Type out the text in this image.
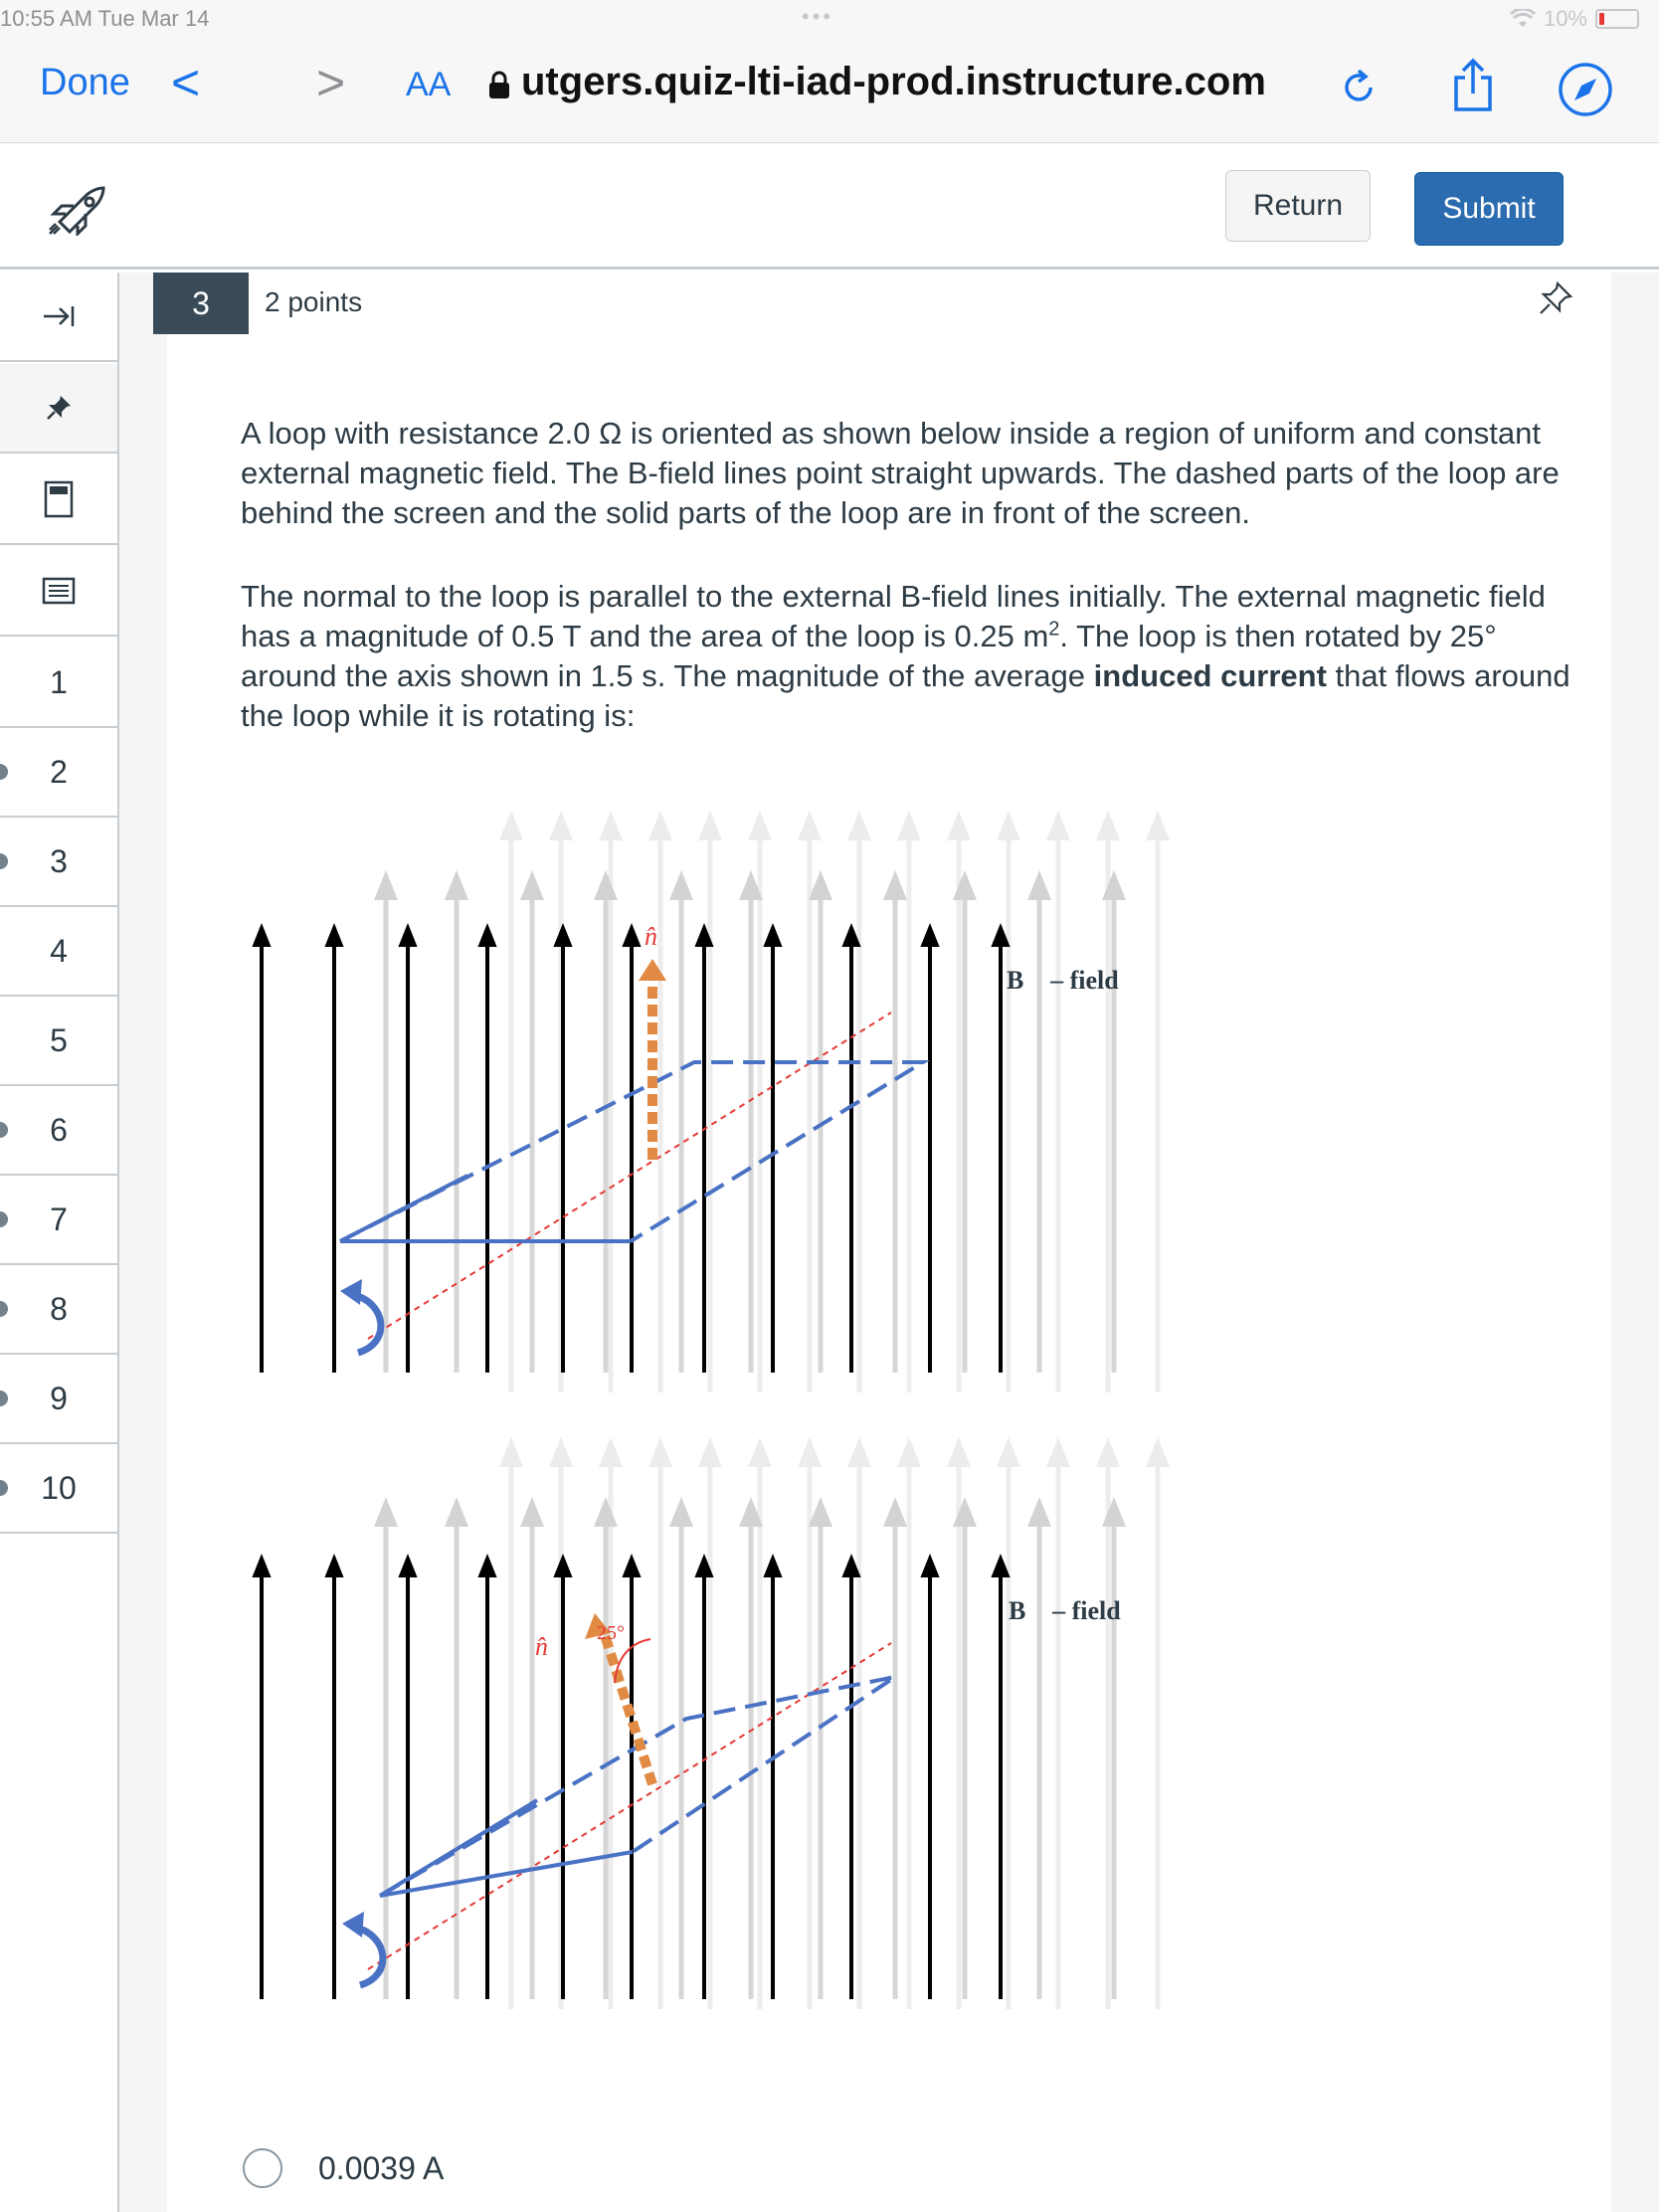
10:55 AM Tue Mar 14	•••	10%
Done < > AA utgers.quiz-lti-iad-prod.instructure.com
Return	Submit
1
2
3
4
5
6
7
8
9
10
3	2 points

A loop with resistance 2.0 Ω is oriented as shown below inside a region of uniform and constant external magnetic field. The B-field lines point straight upwards. The dashed parts of the loop are behind the screen and the solid parts of the loop are in front of the screen.

The normal to the loop is parallel to the external B-field lines initially. The external magnetic field has a magnitude of 0.5 T and the area of the loop is 0.25 $m^2$. The loop is then rotated by 25° around the axis shown in 1.5 s. The magnitude of the average induced current that flows around the loop while it is rotating is:

n̂
B⃗ – field
n̂ 25°
B⃗ – field
0.0039 A
